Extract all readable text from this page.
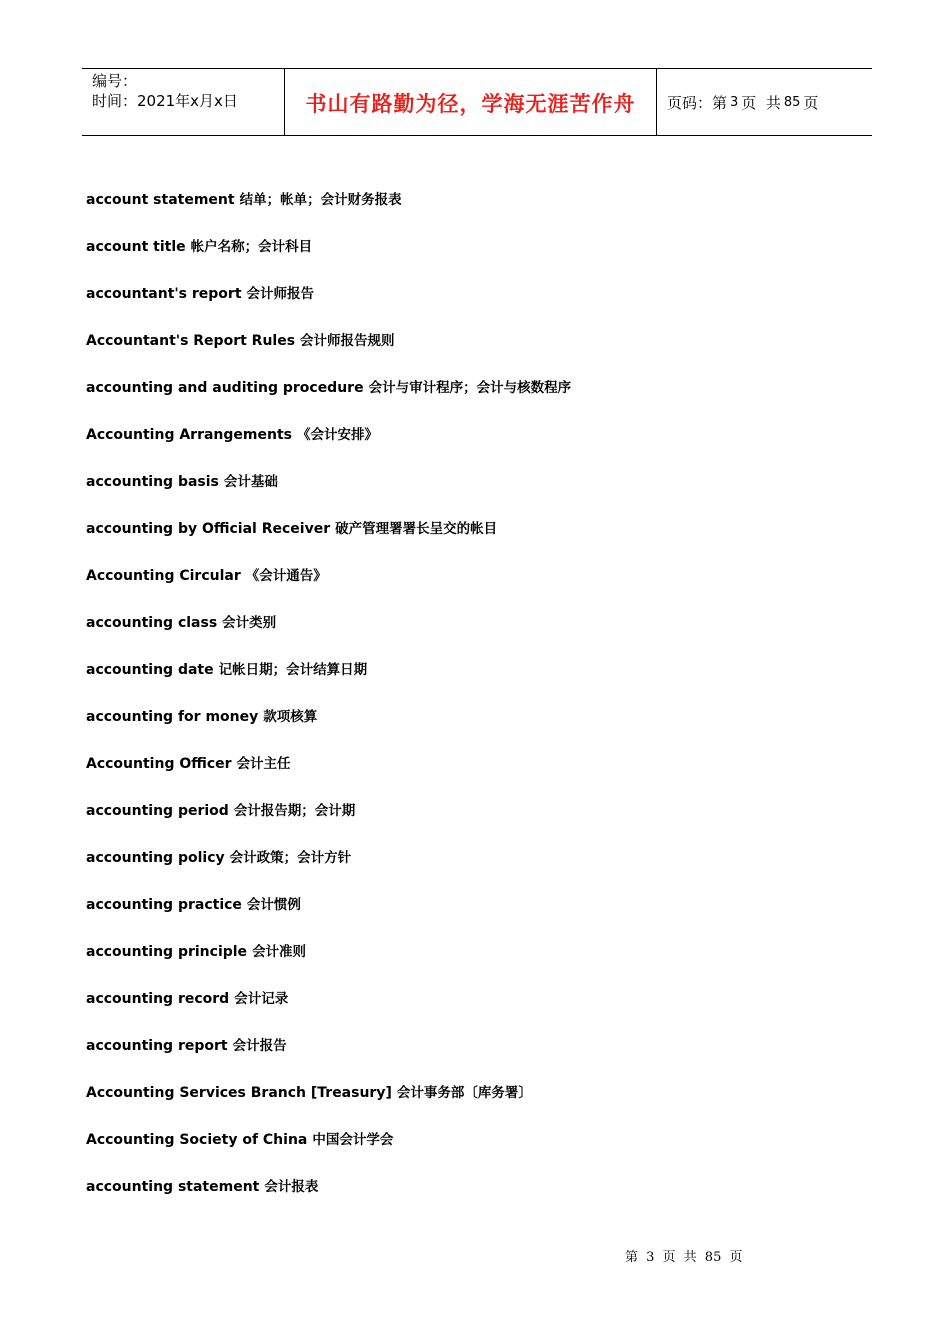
编号：
时间：2021年x月x日	书山有路勤为径，学海无涯苦作舟	页码：第 3 页  共 85 页
account statement 结单；帐单；会计财务报表
account title 帐户名称；会计科目
accountant's report 会计师报告
Accountant's Report Rules 会计师报告规则
accounting and auditing procedure 会计与审计程序；会计与核数程序
Accounting Arrangements 《会计安排》
accounting basis 会计基础
accounting by Official Receiver 破产管理署署长呈交的帐目
Accounting Circular 《会计通告》
accounting class 会计类别
accounting date 记帐日期；会计结算日期
accounting for money 款项核算
Accounting Officer 会计主任
accounting period 会计报告期；会计期
accounting policy 会计政策；会计方针
accounting practice 会计惯例
accounting principle 会计准则
accounting record 会计记录
accounting report 会计报告
Accounting Services Branch [Treasury] 会计事务部〔库务署〕
Accounting Society of China 中国会计学会
accounting statement 会计报表
第 3 页 共 85 页
